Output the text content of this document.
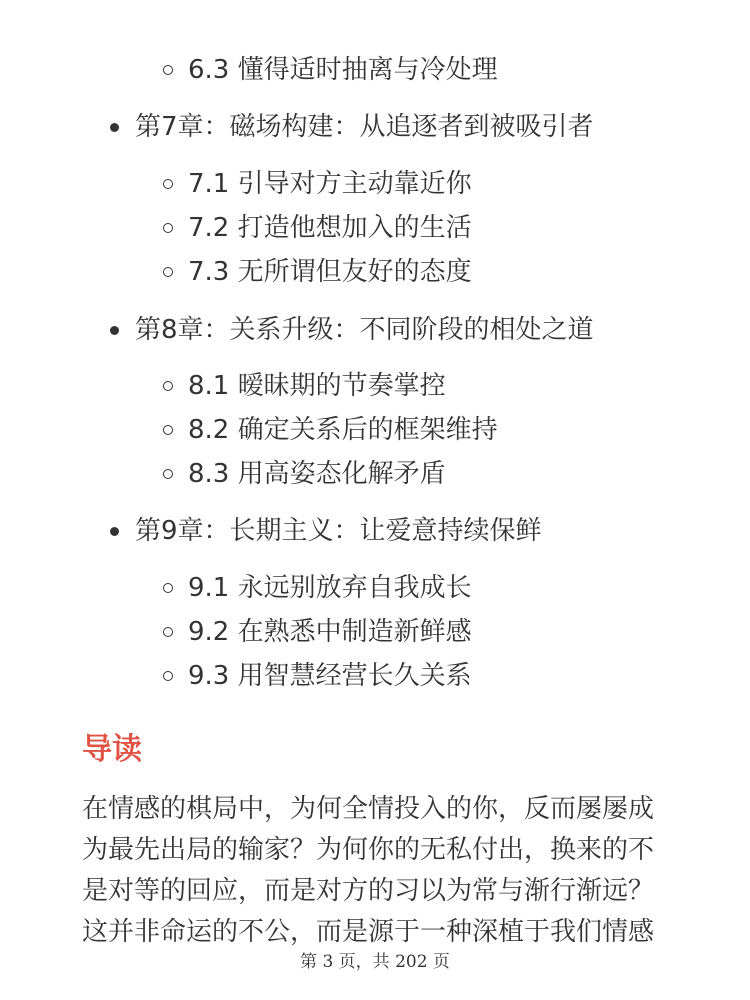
6.3 懂得适时抽离与冷处理
第7章：磁场构建：从追逐者到被吸引者
7.1 引导对方主动靠近你
7.2 打造他想加入的生活
7.3 无所谓但友好的态度
第8章：关系升级：不同阶段的相处之道
8.1 暧昧期的节奏掌控
8.2 确定关系后的框架维持
8.3 用高姿态化解矛盾
第9章：长期主义：让爱意持续保鲜
9.1 永远别放弃自我成长
9.2 在熟悉中制造新鲜感
9.3 用智慧经营长久关系
导读
在情感的棋局中，为何全情投入的你，反而屡屡成
为最先出局的输家？为何你的无私付出，换来的不
是对等的回应，而是对方的习以为常与渐行渐远？
这并非命运的不公，而是源于一种深植于我们情感
第 3 页，共 202 页
